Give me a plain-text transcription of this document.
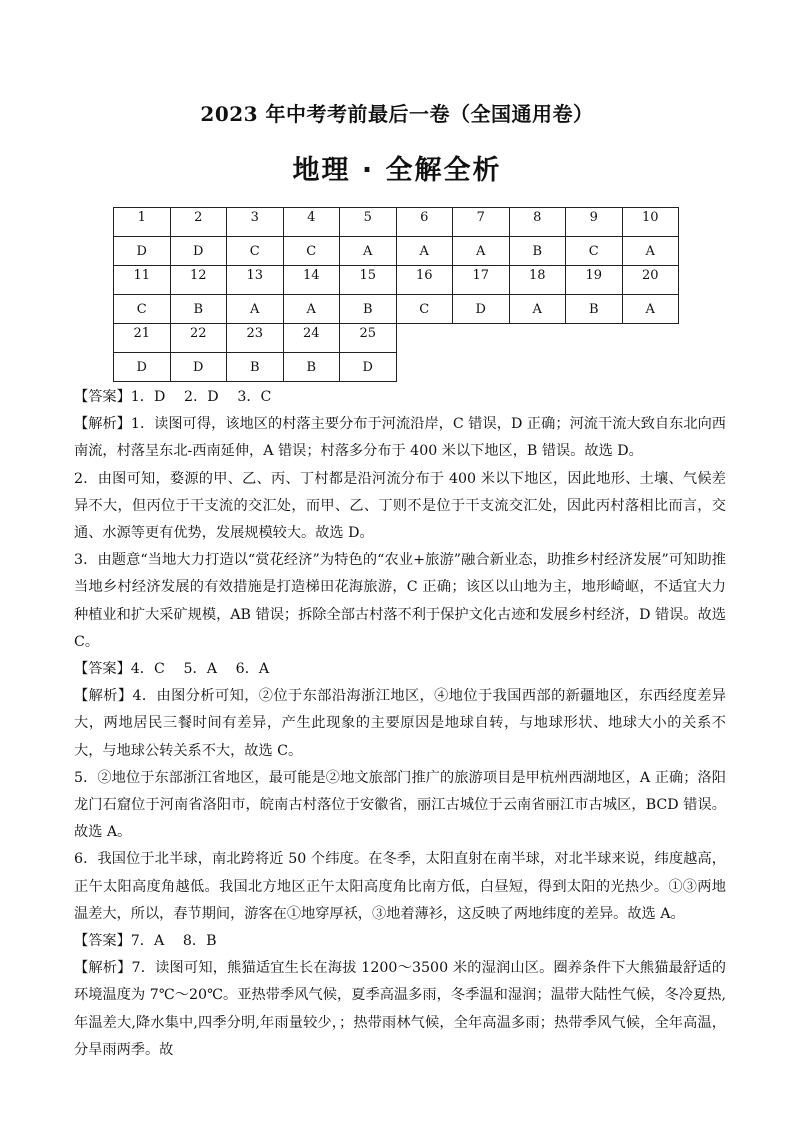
2023 年中考考前最后一卷（全国通用卷）
地理 · 全解全析
1	2	3	4	5	6	7	8	9	10
D	D	C	C	A	A	A	B	C	A
11	12	13	14	15	16	17	18	19	20
C	B	A	A	B	C	D	A	B	A
21	22	23	24	25					
D	D	B	B	D					

【答案】1．D　 2．D　 3．C

【解析】1．读图可得，该地区的村落主要分布于河流沿岸，C 错误，D 正确；河流干流大致自东北向西南流，村落呈东北-西南延伸，A 错误；村落多分布于 400 米以下地区，B 错误。故选 D。

2．由图可知，婺源的甲、乙、丙、丁村都是沿河流分布于 400 米以下地区，因此地形、土壤、气候差异不大，但丙位于干支流的交汇处，而甲、乙、丁则不是位于干支流交汇处，因此丙村落相比而言，交通、水源等更有优势，发展规模较大。故选 D。

3．由题意“当地大力打造以“赏花经济”为特色的“农业+旅游”融合新业态，助推乡村经济发展”可知助推当地乡村经济发展的有效措施是打造梯田花海旅游，C 正确；该区以山地为主，地形崎岖，不适宜大力种植业和扩大采矿规模，AB 错误；拆除全部古村落不利于保护文化古迹和发展乡村经济，D 错误。故选 C。

【答案】4．C　 5．A　 6．A

【解析】4．由图分析可知，②位于东部沿海浙江地区，④地位于我国西部的新疆地区，东西经度差异大，两地居民三餐时间有差异，产生此现象的主要原因是地球自转，与地球形状、地球大小的关系不大，与地球公转关系不大，故选 C。

5．②地位于东部浙江省地区，最可能是②地文旅部门推广的旅游项目是甲杭州西湖地区，A 正确；洛阳龙门石窟位于河南省洛阳市，皖南古村落位于安徽省，丽江古城位于云南省丽江市古城区，BCD 错误。故选 A。

6．我国位于北半球，南北跨将近 50 个纬度。在冬季，太阳直射在南半球，对北半球来说，纬度越高，正午太阳高度角越低。我国北方地区正午太阳高度角比南方低，白昼短，得到太阳的光热少。①③两地温差大，所以，春节期间，游客在①地穿厚袄，③地着薄衫，这反映了两地纬度的差异。故选 A。

【答案】7．A　 8．B

【解析】7．读图可知，熊猫适宜生长在海拔 1200～3500 米的湿润山区。圈养条件下大熊猫最舒适的环境温度为 7℃～20℃。亚热带季风气候，夏季高温多雨，冬季温和湿润；温带大陆性气候，冬冷夏热,年温差大,降水集中,四季分明,年雨量较少，；热带雨林气候，全年高温多雨；热带季风气候，全年高温，分旱雨两季。故
